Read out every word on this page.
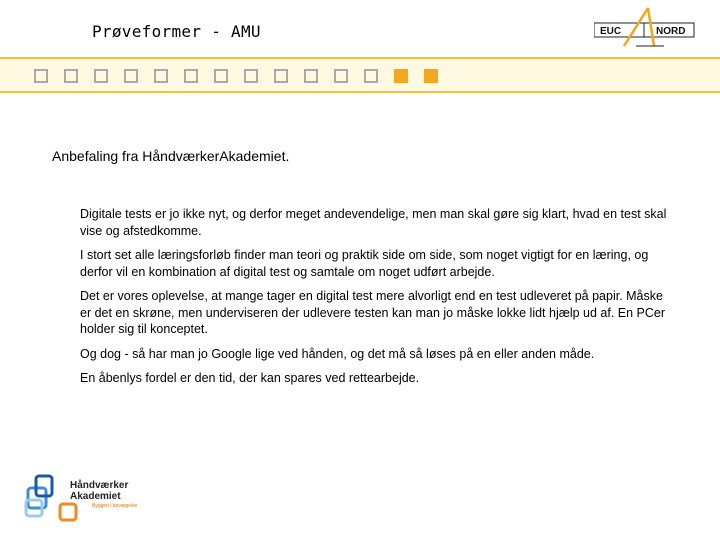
Prøveformer - AMU	EUC	NORD
Anbefaling fra HåndværkerAkademiet.

Digitale tests er jo ikke nyt, og derfor meget andevendelige, men man skal gøre sig klart, hvad en test skal vise og afstedkomme.

I stort set alle læringsforløb finder man teori og praktik side om side, som noget vigtigt for en læring, og derfor vil en kombination af digital test og samtale om noget udført arbejde.

Det er vores oplevelse, at mange tager en digital test mere alvorligt end en test udleveret på papir. Måske er det en skrøne, men underviseren der udlevere testen kan man jo måske lokke lidt hjælp ud af. En PCer holder sig til konceptet.

Og dog - så har man jo Google lige ved hånden, og det må så løses på en eller anden måde.

En åbenlys fordel er den tid, der kan spares ved rettearbejde.

Håndværker
Akademiet
Byggeri i bevægelse
